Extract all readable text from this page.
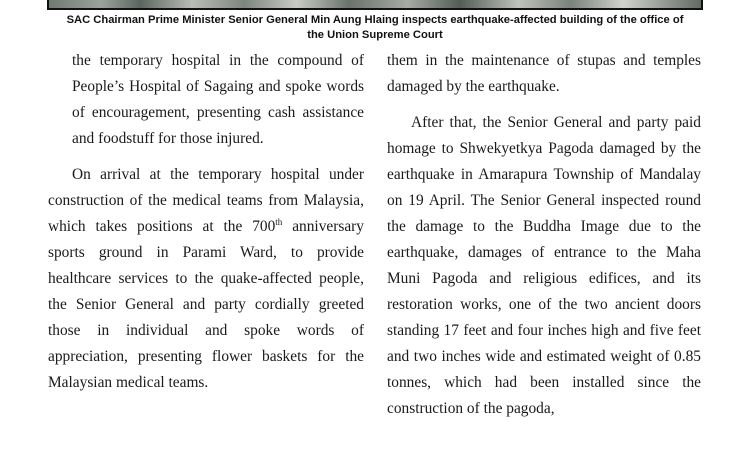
SAC Chairman Prime Minister Senior General Min Aung Hlaing inspects earthquake-affected building of the office of
the Union Supreme Court

the temporary hospital in the compound of People’s Hospital of Sagaing and spoke words of encouragement, presenting cash assistance and foodstuff for those injured.

On arrival at the temporary hospital under construction of the medical teams from Malaysia, which takes positions at the 700th anniversary sports ground in Parami Ward, to provide healthcare services to the quake-affected people, the Senior General and party cordially greeted those in individual and spoke words of appreciation, presenting flower baskets for the Malaysian medical teams.

them in the maintenance of stupas and temples damaged by the earthquake.

After that, the Senior General and party paid homage to Shwekyetkya Pagoda damaged by the earthquake in Amarapura Township of Mandalay on 19 April. The Senior General inspected round the damage to the Buddha Image due to the earthquake, damages of entrance to the Maha Muni Pagoda and religious edifices, and its restoration works, one of the two ancient doors standing 17 feet and four inches high and five feet and two inches wide and estimated weight of 0.85 tonnes, which had been installed since the construction of the pagoda,
